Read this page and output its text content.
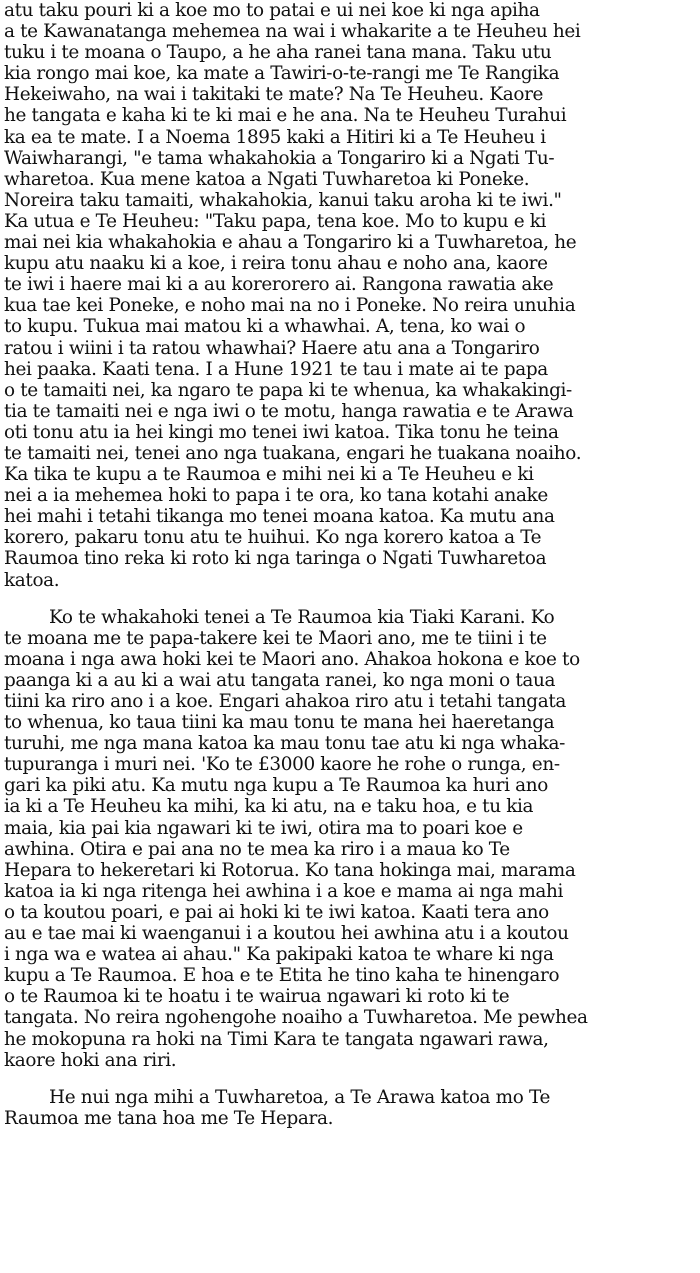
atu taku pouri ki a koe mo to patai e ui nei koe ki nga apiha
a te Kawanatanga mehemea na wai i whakarite a te Heuheu hei
tuku i te moana o Taupo, a he aha ranei tana mana. Taku utu
kia rongo mai koe, ka mate a Tawiri-o-te-rangi me Te Rangika
Hekeiwaho, na wai i takitaki te mate? Na Te Heuheu. Kaore
he tangata e kaha ki te ki mai e he ana. Na te Heuheu Turahui
ka ea te mate. I a Noema 1895 kaki a Hitiri ki a Te Heuheu i
Waiwharangi, "e tama whakahokia a Tongariro ki a Ngati Tu-
wharetoa. Kua mene katoa a Ngati Tuwharetoa ki Poneke.
Noreira taku tamaiti, whakahokia, kanui taku aroha ki te iwi."
Ka utua e Te Heuheu: "Taku papa, tena koe. Mo to kupu e ki
mai nei kia whakahokia e ahau a Tongariro ki a Tuwharetoa, he
kupu atu naaku ki a koe, i reira tonu ahau e noho ana, kaore
te iwi i haere mai ki a au korerorero ai. Rangona rawatia ake
kua tae kei Poneke, e noho mai na no i Poneke. No reira unuhia
to kupu. Tukua mai matou ki a whawhai. A, tena, ko wai o
ratou i wiini i ta ratou whawhai? Haere atu ana a Tongariro
hei paaka. Kaati tena. I a Hune 1921 te tau i mate ai te papa
o te tamaiti nei, ka ngaro te papa ki te whenua, ka whakakingi-
tia te tamaiti nei e nga iwi o te motu, hanga rawatia e te Arawa
oti tonu atu ia hei kingi mo tenei iwi katoa. Tika tonu he teina
te tamaiti nei, tenei ano nga tuakana, engari he tuakana noaiho.
Ka tika te kupu a te Raumoa e mihi nei ki a Te Heuheu e ki
nei a ia mehemea hoki to papa i te ora, ko tana kotahi anake
hei mahi i tetahi tikanga mo tenei moana katoa. Ka mutu ana
korero, pakaru tonu atu te huihui. Ko nga korero katoa a Te
Raumoa tino reka ki roto ki nga taringa o Ngati Tuwharetoa
katoa.
Ko te whakahoki tenei a Te Raumoa kia Tiaki Karani. Ko
te moana me te papa-takere kei te Maori ano, me te tiini i te
moana i nga awa hoki kei te Maori ano. Ahakoa hokona e koe to
paanga ki a au ki a wai atu tangata ranei, ko nga moni o taua
tiini ka riro ano i a koe. Engari ahakoa riro atu i tetahi tangata
to whenua, ko taua tiini ka mau tonu te mana hei haeretanga
turuhi, me nga mana katoa ka mau tonu tae atu ki nga whaka-
tupuranga i muri nei. 'Ko te £3000 kaore he rohe o runga, en-
gari ka piki atu. Ka mutu nga kupu a Te Raumoa ka huri ano
ia ki a Te Heuheu ka mihi, ka ki atu, na e taku hoa, e tu kia
maia, kia pai kia ngawari ki te iwi, otira ma to poari koe e
awhina. Otira e pai ana no te mea ka riro i a maua ko Te
Hepara to hekeretari ki Rotorua. Ko tana hokinga mai, marama
katoa ia ki nga ritenga hei awhina i a koe e mama ai nga mahi
o ta koutou poari, e pai ai hoki ki te iwi katoa. Kaati tera ano
au e tae mai ki waenganui i a koutou hei awhina atu i a koutou
i nga wa e watea ai ahau." Ka pakipaki katoa te whare ki nga
kupu a Te Raumoa. E hoa e te Etita he tino kaha te hinengaro
o te Raumoa ki te hoatu i te wairua ngawari ki roto ki te
tangata. No reira ngohengohe noaiho a Tuwharetoa. Me pewhea
he mokopuna ra hoki na Timi Kara te tangata ngawari rawa,
kaore hoki ana riri.
He nui nga mihi a Tuwharetoa, a Te Arawa katoa mo Te
Raumoa me tana hoa me Te Hepara.
